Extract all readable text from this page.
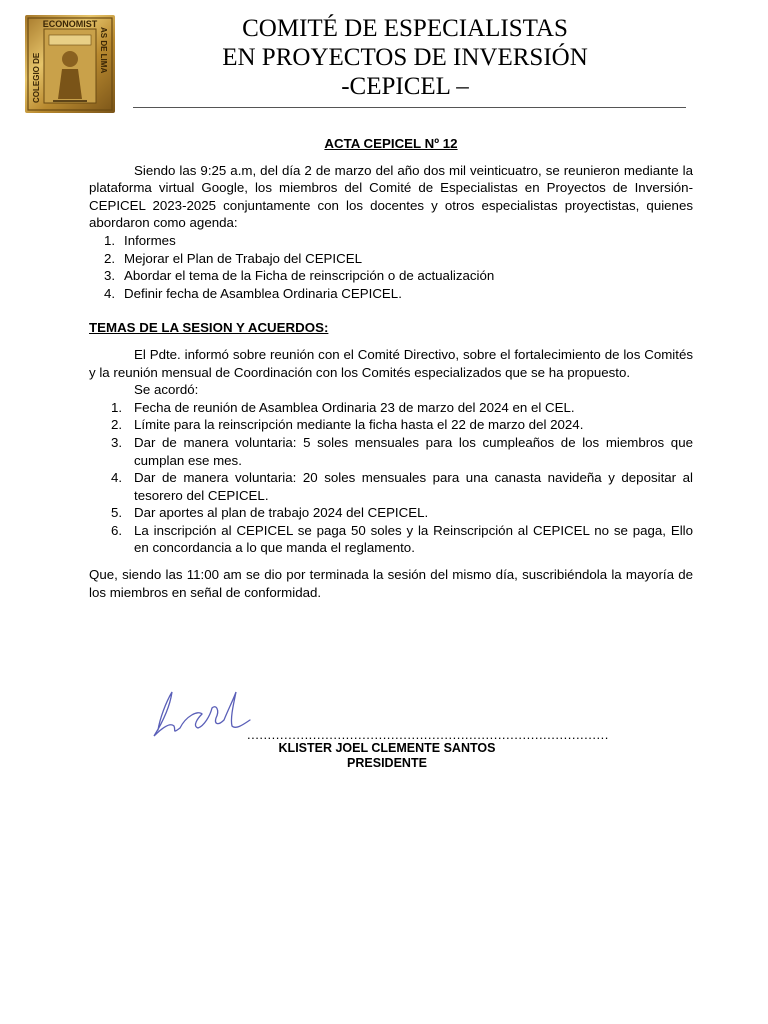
ECONOMIST
COLEGIO DE
AS DE LIMA	COMITÉ DE ESPECIALISTAS
EN PROYECTOS DE INVERSIÓN
-CEPICEL –

ACTA CEPICEL Nº 12

Siendo las 9:25 a.m, del día 2 de marzo del año dos mil veinticuatro, se reunieron mediante la plataforma virtual Google, los miembros del Comité de Especialistas en Proyectos de Inversión-CEPICEL 2023-2025 conjuntamente con los docentes y otros especialistas proyectistas, quienes abordaron como agenda:

1. Informes
2. Mejorar el Plan de Trabajo del CEPICEL
3. Abordar el tema de la Ficha de reinscripción o de actualización
4. Definir fecha de Asamblea Ordinaria CEPICEL.

TEMAS DE LA SESION Y ACUERDOS:

El Pdte. informó sobre reunión con el Comité Directivo, sobre el fortalecimiento de los Comités y la reunión mensual de Coordinación con los Comités especializados que se ha propuesto.

Se acordó:

1. Fecha de reunión de Asamblea Ordinaria 23 de marzo del 2024 en el CEL.
2. Límite para la reinscripción mediante la ficha hasta el 22 de marzo del 2024.
3. Dar de manera voluntaria: 5 soles mensuales para los cumpleaños de los miembros que cumplan ese mes.
4. Dar de manera voluntaria: 20 soles mensuales para una canasta navideña y depositar al tesorero del CEPICEL.
5. Dar aportes al plan de trabajo 2024 del CEPICEL.
6. La inscripción al CEPICEL se paga 50 soles y la Reinscripción al CEPICEL no se paga, Ello en concordancia a lo que manda el reglamento.

Que, siendo las 11:00 am se dio por terminada la sesión del mismo día, suscribiéndola la mayoría de los miembros en señal de conformidad.

........................................................................................
KLISTER JOEL CLEMENTE SANTOS
PRESIDENTE
